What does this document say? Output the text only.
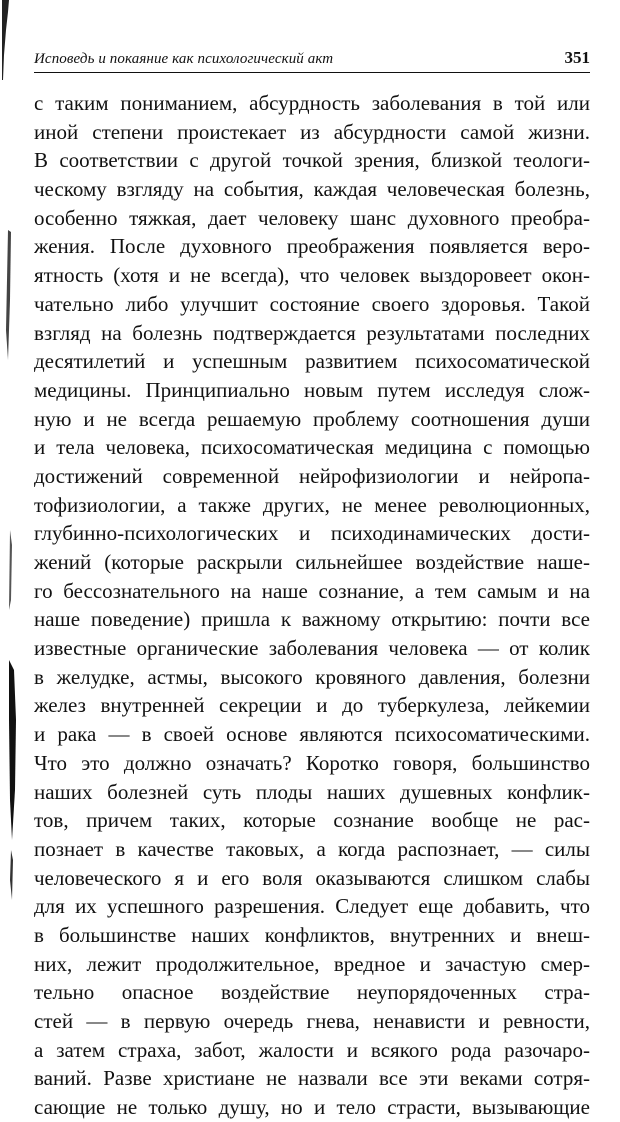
Исповедь и покаяние как психологический акт	351
с таким пониманием, абсурдность заболевания в той или
иной степени проистекает из абсурдности самой жизни.
В соответствии с другой точкой зрения, близкой теологи-
ческому взгляду на события, каждая человеческая болезнь,
особенно тяжкая, дает человеку шанс духовного преобра-
жения. После духовного преображения появляется веро-
ятность (хотя и не всегда), что человек выздоровеет окон-
чательно либо улучшит состояние своего здоровья. Такой
взгляд на болезнь подтверждается результатами последних
десятилетий и успешным развитием психосоматической
медицины. Принципиально новым путем исследуя слож-
ную и не всегда решаемую проблему соотношения души
и тела человека, психосоматическая медицина с помощью
достижений современной нейрофизиологии и нейропа-
тофизиологии, а также других, не менее революционных,
глубинно-психологических и психодинамических дости-
жений (которые раскрыли сильнейшее воздействие наше-
го бессознательного на наше сознание, а тем самым и на
наше поведение) пришла к важному открытию: почти все
известные органические заболевания человека — от колик
в желудке, астмы, высокого кровяного давления, болезни
желез внутренней секреции и до туберкулеза, лейкемии
и рака — в своей основе являются психосоматическими.
Что это должно означать? Коротко говоря, большинство
наших болезней суть плоды наших душевных конфлик-
тов, причем таких, которые сознание вообще не рас-
познает в качестве таковых, а когда распознает, — силы
человеческого я и его воля оказываются слишком слабы
для их успешного разрешения. Следует еще добавить, что
в большинстве наших конфликтов, внутренних и внеш-
них, лежит продолжительное, вредное и зачастую смер-
тельно опасное воздействие неупорядоченных стра-
стей — в первую очередь гнева, ненависти и ревности,
а затем страха, забот, жалости и всякого рода разочаро-
ваний. Разве христиане не назвали все эти веками сотря-
сающие не только душу, но и тело страсти, вызывающие
